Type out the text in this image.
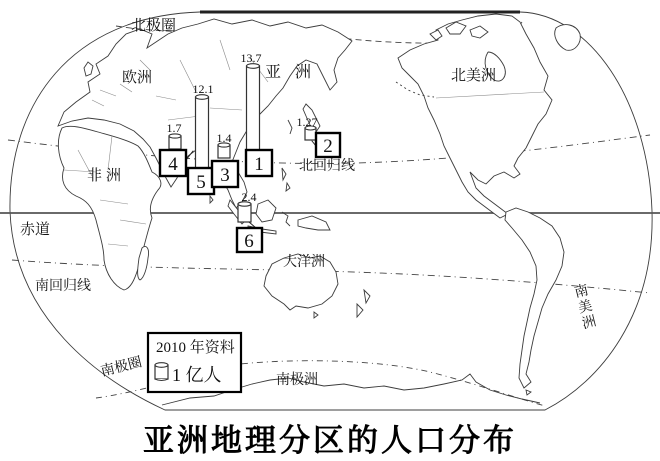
北极圈
欧洲	亚洲	北美洲
非洲
赤道
北回归线
南回归线
大洋洲
南极圈
南极洲
南美洲
13.7
12.1
1.7
1.4
1.27
2.4
1
2
5 3
4
6
2010 年资料
1 亿人
亚洲地理分区的人口分布
